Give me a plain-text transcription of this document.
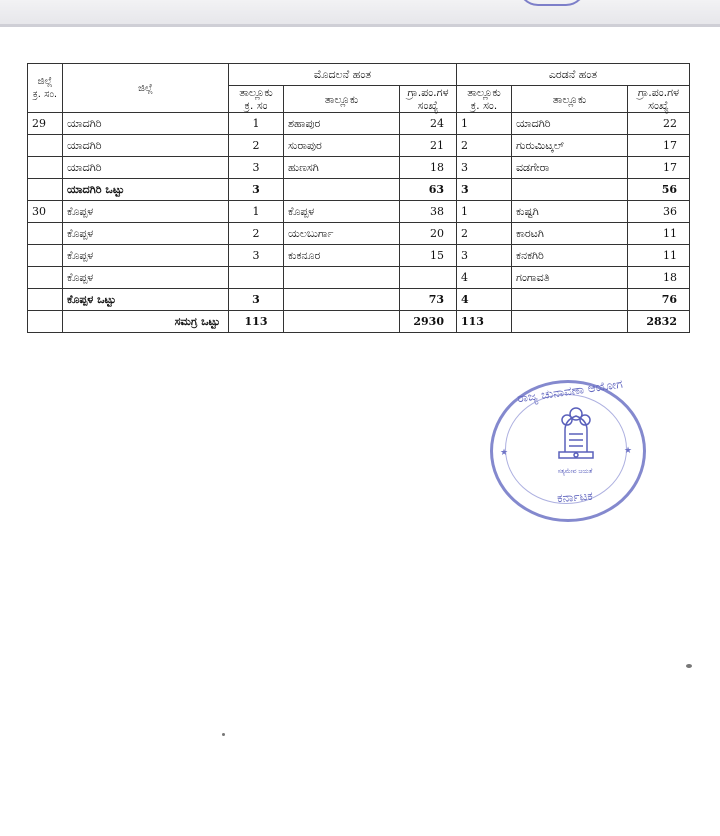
ಜಿಲ್ಲೆ ಕ್ರ. ಸಂ.	ಜಿಲ್ಲೆ	ಮೊದಲನೆ ಹಂತ			ಎರಡನೆ ಹಂತ		
		ತಾಲ್ಲೂಕು ಕ್ರ. ಸಂ	ತಾಲ್ಲೂಕು	ಗ್ರಾ.ಪಂ.ಗಳ ಸಂಖ್ಯೆ	ತಾಲ್ಲೂಕು ಕ್ರ. ಸಂ.	ತಾಲ್ಲೂಕು	ಗ್ರಾ.ಪಂ.ಗಳ ಸಂಖ್ಯೆ
29	ಯಾದಗಿರಿ	1	ಶಹಾಪುರ	24	1	ಯಾದಗಿರಿ	22
	ಯಾದಗಿರಿ	2	ಸುರಾಪುರ	21	2	ಗುರುಮಿಟ್ಕಲ್	17
	ಯಾದಗಿರಿ	3	ಹುಣಸಗಿ	18	3	ವಡಗೇರಾ	17
	ಯಾದಗಿರಿ ಒಟ್ಟು	3		63	3		56
30	ಕೊಪ್ಪಳ	1	ಕೊಪ್ಪಳ	38	1	ಕುಷ್ಟಗಿ	36
	ಕೊಪ್ಪಳ	2	ಯಲಬುರ್ಗಾ	20	2	ಕಾರಟಗಿ	11
	ಕೊಪ್ಪಳ	3	ಕುಕನೂರ	15	3	ಕನಕಗಿರಿ	11
	ಕೊಪ್ಪಳ				4	ಗಂಗಾವತಿ	18
	ಕೊಪ್ಪಳ ಒಟ್ಟು	3		73	4		76
	ಸಮಗ್ರ ಒಟ್ಟು	113		2930	113		2832
ರಾಜ್ಯ ಚುನಾವಣಾ ಆಯೋಗ
ಸತ್ಯಮೇವ ಜಯತೆ
ಕರ್ನಾಟಕ
★	★
